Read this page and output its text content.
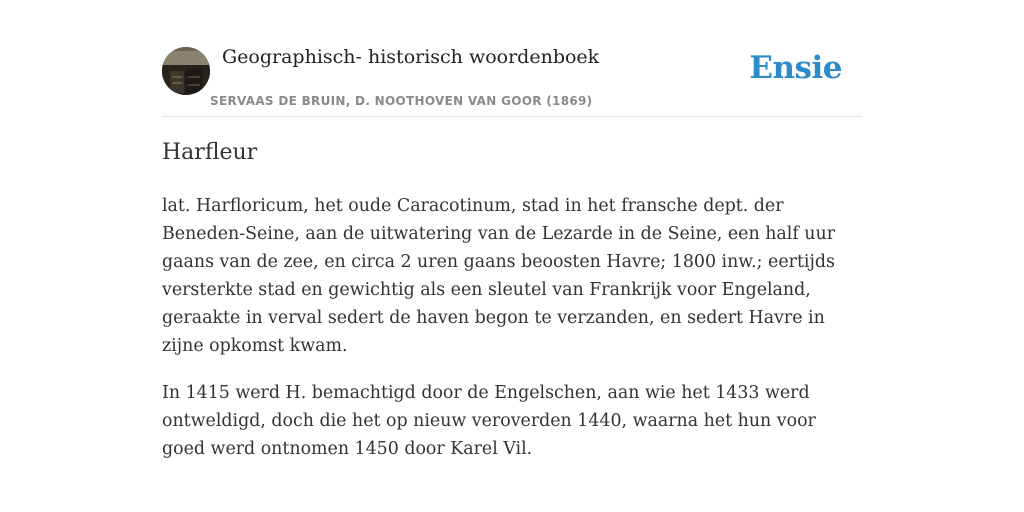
Geographisch- historisch woordenboek
SERVAAS DE BRUIN, D. NOOTHOVEN VAN GOOR (1869)
Ensie
Harfleur

lat. Harfloricum, het oude Caracotinum, stad in het fransche dept. der Beneden-Seine, aan de uitwatering van de Lezarde in de Seine, een half uur gaans van de zee, en circa 2 uren gaans beoosten Havre; 1800 inw.; eertijds versterkte stad en gewichtig als een sleutel van Frankrijk voor Engeland, geraakte in verval sedert de haven begon te verzanden, en sedert Havre in zijne opkomst kwam.

In 1415 werd H. bemachtigd door de Engelschen, aan wie het 1433 werd ontweldigd, doch die het op nieuw veroverden 1440, waarna het hun voor goed werd ontnomen 1450 door Karel Vil.
